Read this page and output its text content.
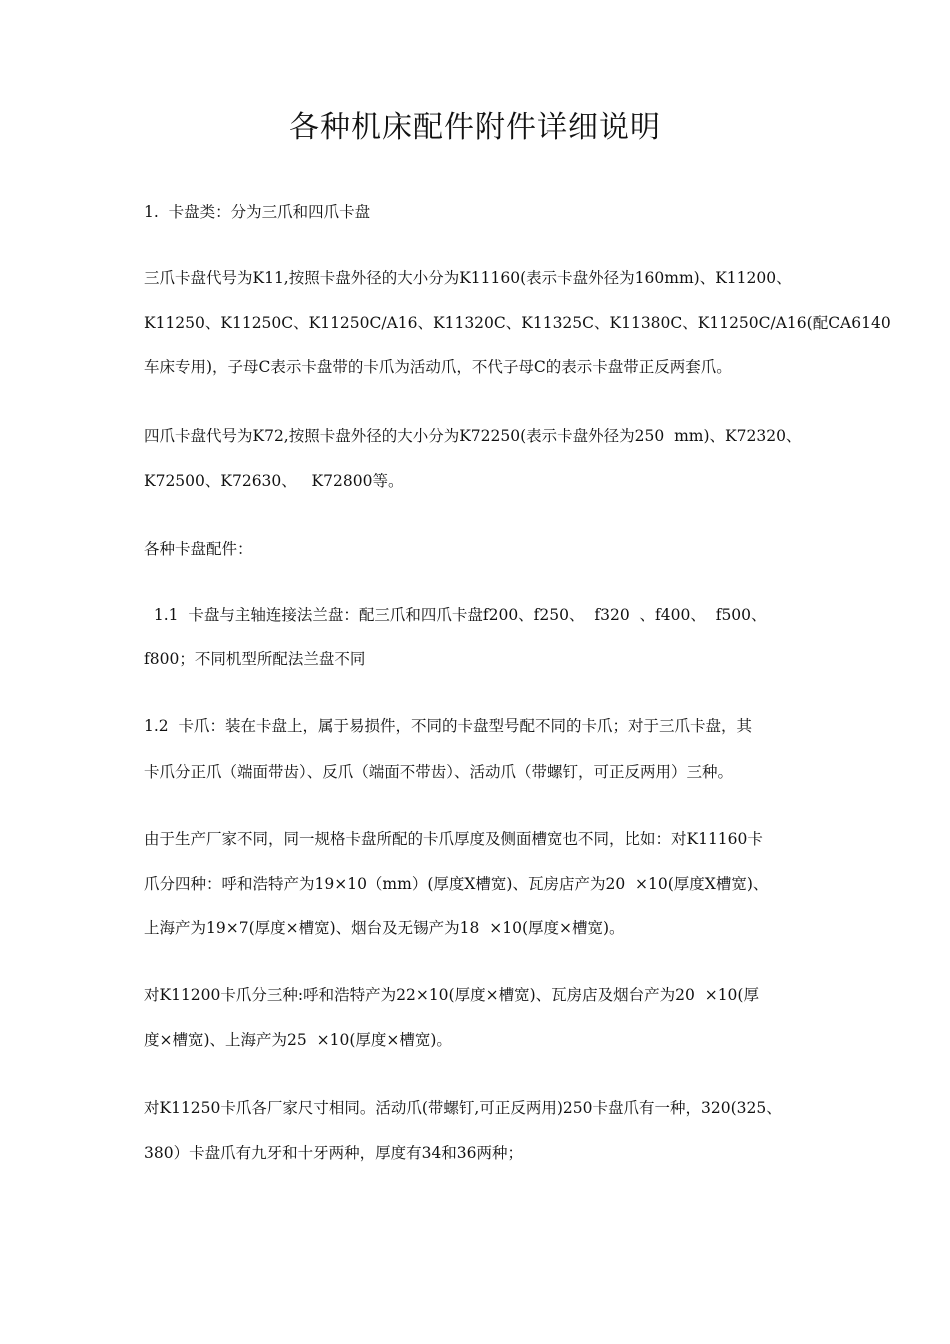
各种机床配件附件详细说明
1.  卡盘类：分为三爪和四爪卡盘
三爪卡盘代号为K11,按照卡盘外径的大小分为K11160(表示卡盘外径为160mm)、K11200、
K11250、K11250C、K11250C/A16、K11320C、K11325C、K11380C、K11250C/A16(配CA6140
车床专用)，子母C表示卡盘带的卡爪为活动爪，不代子母C的表示卡盘带正反两套爪。
四爪卡盘代号为K72,按照卡盘外径的大小分为K72250(表示卡盘外径为250  mm)、K72320、
K72500、K72630、   K72800等。
各种卡盘配件：
1.1  卡盘与主轴连接法兰盘：配三爪和四爪卡盘f200、f250、  f320  、f400、  f500、
f800；不同机型所配法兰盘不同
1.2  卡爪：装在卡盘上，属于易损件，不同的卡盘型号配不同的卡爪；对于三爪卡盘，其
卡爪分正爪（端面带齿）、反爪（端面不带齿）、活动爪（带螺钉，可正反两用）三种。
由于生产厂家不同，同一规格卡盘所配的卡爪厚度及侧面槽宽也不同，比如：对K11160卡
爪分四种：呼和浩特产为19×10（mm）(厚度X槽宽)、瓦房店产为20  ×10(厚度X槽宽)、
上海产为19×7(厚度×槽宽)、烟台及无锡产为18  ×10(厚度×槽宽)。
对K11200卡爪分三种:呼和浩特产为22×10(厚度×槽宽)、瓦房店及烟台产为20  ×10(厚
度×槽宽)、上海产为25  ×10(厚度×槽宽)。
对K11250卡爪各厂家尺寸相同。活动爪(带螺钉,可正反两用)250卡盘爪有一种，320(325、
380）卡盘爪有九牙和十牙两种，厚度有34和36两种；
